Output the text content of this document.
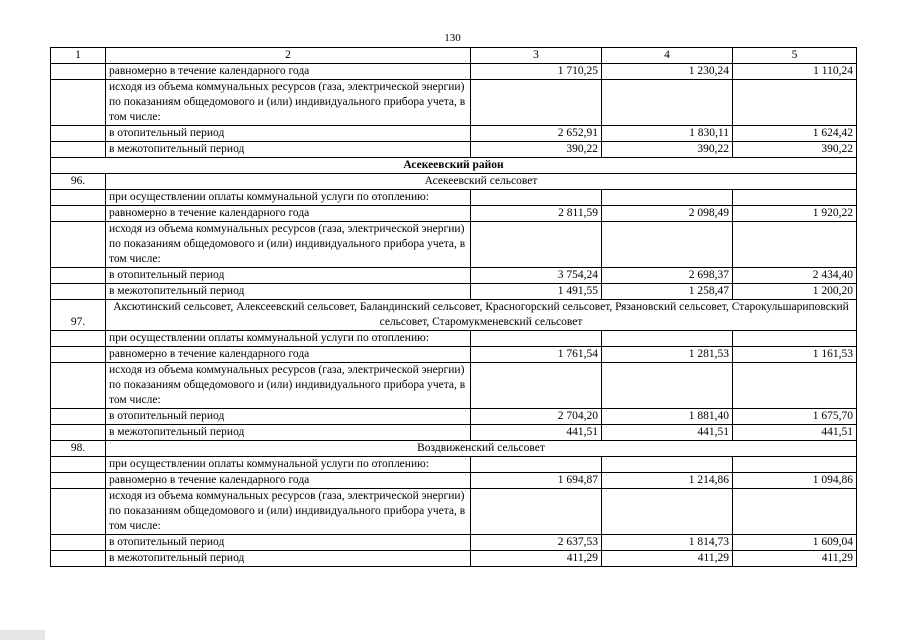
130
1	2	3	4	5
	равномерно в течение календарного года	1 710,25	1 230,24	1 110,24
	исходя из объема коммунальных ресурсов (газа, электрической энергии) по показаниям общедомового и (или) индивидуального прибора учета, в том числе:			
	в отопительный период	2 652,91	1 830,11	1 624,42
	в межотопительный период	390,22	390,22	390,22
Асекеевский район				
96.	Асекеевский сельсовет			
	при осуществлении оплаты коммунальной услуги по отоплению:			
	равномерно в течение календарного года	2 811,59	2 098,49	1 920,22
	исходя из объема коммунальных ресурсов (газа, электрической энергии) по показаниям общедомового и (или) индивидуального прибора учета, в том числе:			
	в отопительный период	3 754,24	2 698,37	2 434,40
	в межотопительный период	1 491,55	1 258,47	1 200,20
97.	Аксютинский сельсовет, Алексеевский сельсовет, Баландинский сельсовет, Красногорский сельсовет, Рязановский сельсовет, Старокульшариповский сельсовет, Старомукменевский сельсовет			
	при осуществлении оплаты коммунальной услуги по отоплению:			
	равномерно в течение календарного года	1 761,54	1 281,53	1 161,53
	исходя из объема коммунальных ресурсов (газа, электрической энергии) по показаниям общедомового и (или) индивидуального прибора учета, в том числе:			
	в отопительный период	2 704,20	1 881,40	1 675,70
	в межотопительный период	441,51	441,51	441,51
98.	Воздвиженский сельсовет			
	при осуществлении оплаты коммунальной услуги по отоплению:			
	равномерно в течение календарного года	1 694,87	1 214,86	1 094,86
	исходя из объема коммунальных ресурсов (газа, электрической энергии) по показаниям общедомового и (или) индивидуального прибора учета, в том числе:			
	в отопительный период	2 637,53	1 814,73	1 609,04
	в межотопительный период	411,29	411,29	411,29
